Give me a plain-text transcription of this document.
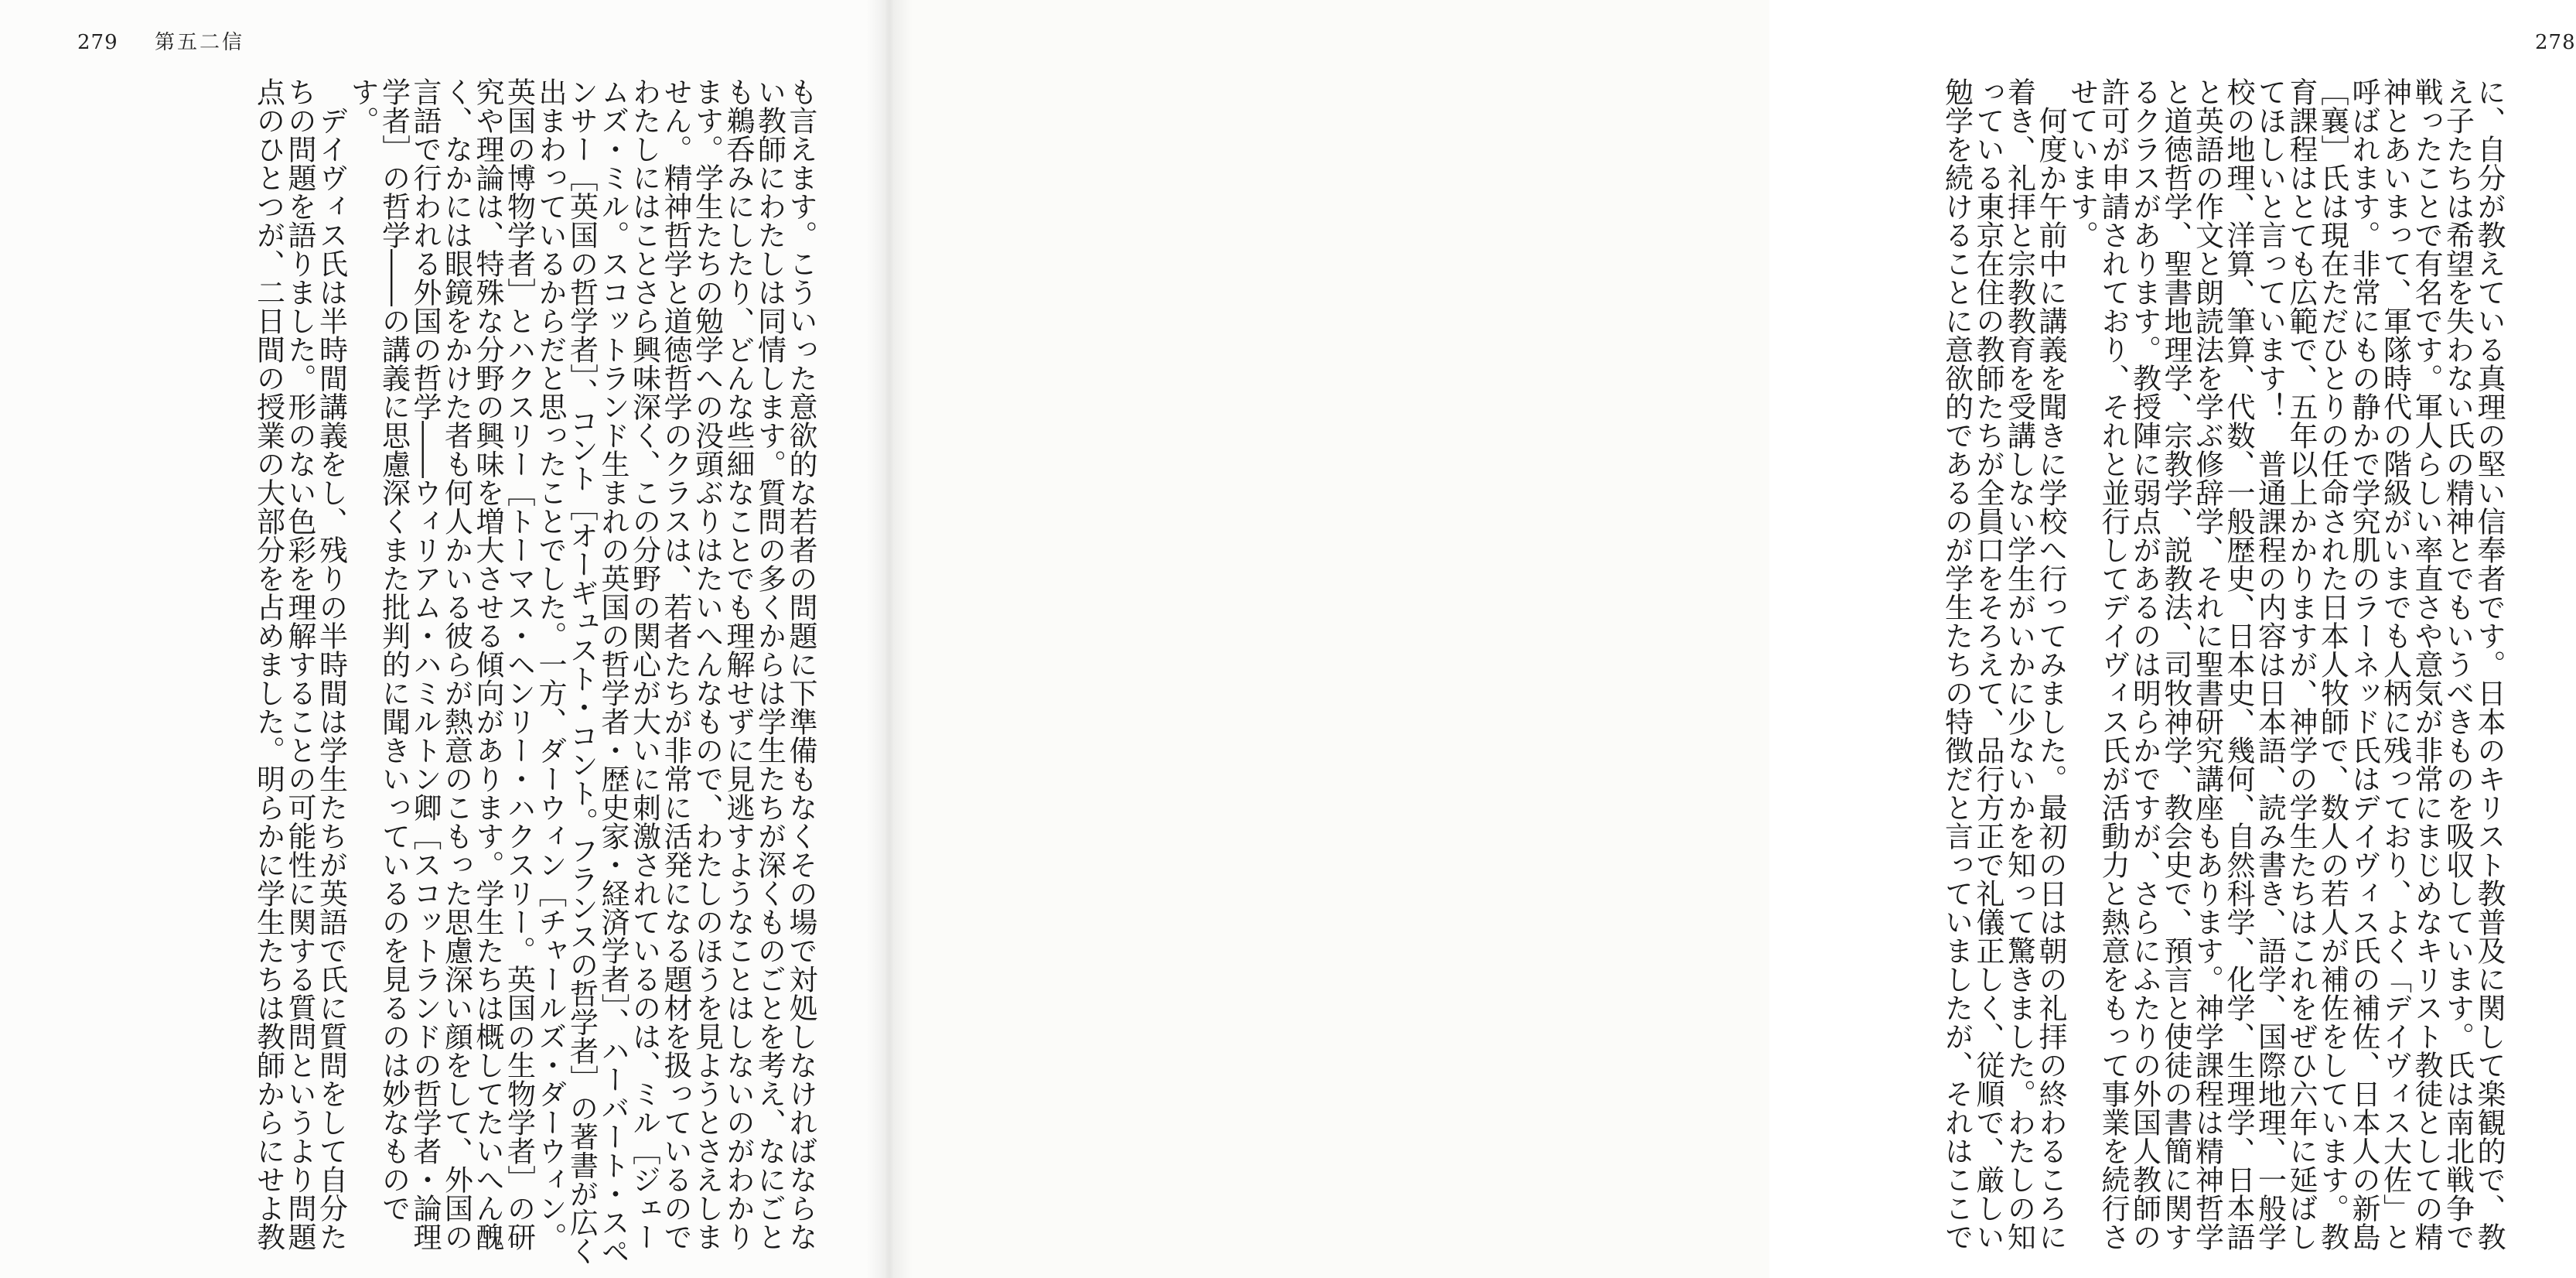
279 第五二信

も言えます。こういった意欲的な若者の問題に下準備もなくその場で対処しなければならない教師にわたしは同情します。質問の多くからは学生たちが深くものごとを考え、なにごとも鵜呑みにしたり、どんな些細なことでも理解せずに見逃すようなことはしないのがわかります。学生たちの勉学への没頭ぶりはたいへんなもので、わたしのほうを見ようとさえしません。精神哲学と道徳哲学のクラスは、若者たちが非常に活発になる題材を扱っているのでわたしにはことさら興味深く、この分野の関心が大いに刺激されているのは、ミル［ジェームズ・ミル。スコットランド生まれの英国の哲学者・歴史家・経済学者］、ハーバート・スペンサー［英国の哲学者］、コント［オーギュスト・コント。フランスの哲学者］の著書が広く出まわっているからだと思ったことでした。一方、ダーウィン［チャールズ・ダーウィン。英国の博物学者］とハクスリー［トーマス・ヘンリー・ハクスリー。英国の生物学者］の研究や理論は、特殊な分野の興味を増大させる傾向があります。学生たちは概してたいへん醜く、なかには眼鏡をかけた者も何人かいる彼らが熱意のこもった思慮深い顔をして、外国の言語で行われる外国の哲学――ウィリアム・ハミルトン卿［スコットランドの哲学者・論理学者］の哲学――の講義に思慮深くまた批判的に聞きいっているのを見るのは妙なものです。

デイヴィス氏は半時間講義をし、残りの半時間は学生たちが英語で氏に質問をして自分たちの問題を語りました。形のない色彩を理解することの可能性に関する質問というより問題点のひとつが、二日間の授業の大部分を占めました。明らかに学生たちは教師からにせよ教

278

に、自分が教えている真理の堅い信奉者です。日本のキリスト教普及に関して楽観的で、教え子たちは希望を失わない氏の精神とでもいうべきものを吸収しています。氏は南北戦争で戦ったことで有名です。軍人らしい率直さや意気が非常にまじめなキリスト教徒としての精神とあいまって、軍隊時代の階級がいまでも人柄に残っており、よく「デイヴィス大佐」と呼ばれます。非常にもの静かで学究肌のラーネッド氏はデイヴィス氏の補佐、日本人の新島［襄］氏は現在ただひとりの任命された日本人牧師で、数人の若人が補佐をしています。教育課程はとても広範で、五年以上かかりますが、神学の学生たちはこれをぜひ六年に延ばしてほしいと言っています！　普通課程の内容は日本語、読み書き、語学、国際地理、一般学校の地理、洋算、筆算、代数、一般歴史、日本史、幾何、自然科学、化学、生理学、日本語と英語の作文と朗読法を学ぶ修辞学、それに聖書研究講座もあります。神学課程は精神哲学と道徳哲学、聖書地理学、宗教学、説教法、司牧神学、教会史で、預言と使徒の書簡に関するクラスがあります。教授陣に弱点があるのは明らかですが、さらにふたりの外国人教師の許可が申請されており、それと並行してデイヴィス氏が活動力と熱意をもって事業を続行させています。

何度か午前中に講義を聞きに学校へ行ってみました。最初の日は朝の礼拝の終わるころに着き、礼拝と宗教教育を受講しない学生がいかに少ないかを知って驚きました。わたしの知っている東京在住の教師たちが全員口をそろえて、品行方正で礼儀正しく、従順で、厳しい勉学を続けることに意欲的であるのが学生たちの特徴だと言っていましたが、それはここで
